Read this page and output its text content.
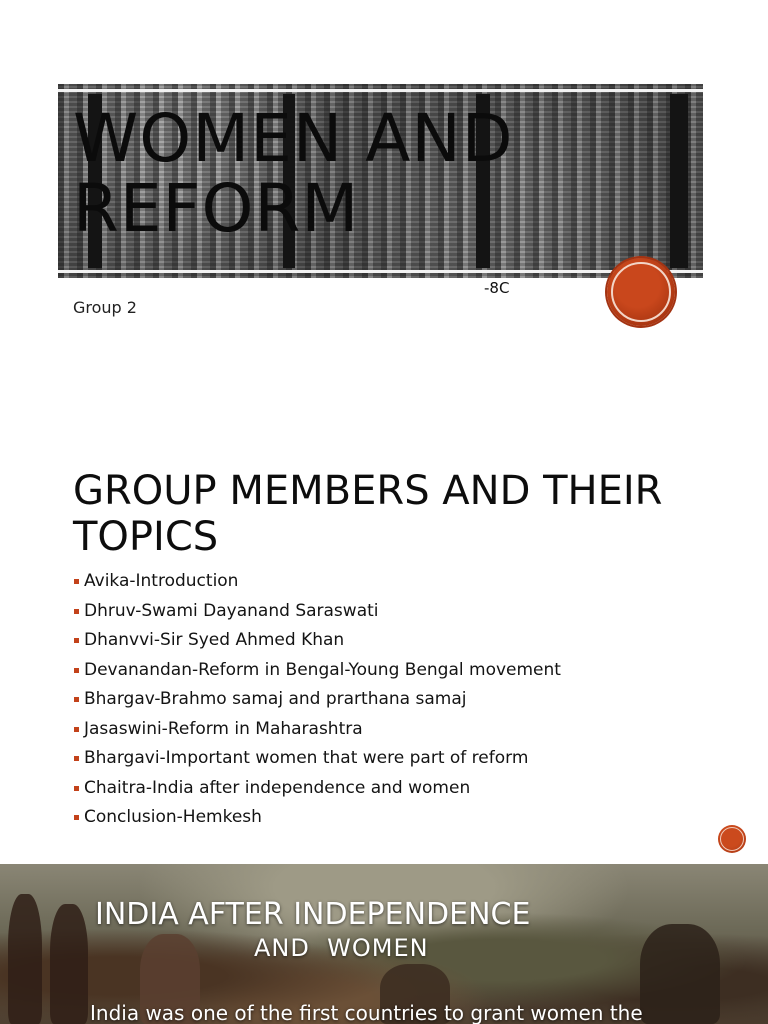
WOMEN AND REFORM
-8C
Group 2
GROUP MEMBERS AND THEIR TOPICS
Avika-Introduction
Dhruv-Swami Dayanand Saraswati
Dhanvvi-Sir Syed Ahmed Khan
Devanandan-Reform in Bengal-Young Bengal movement
Bhargav-Brahmo samaj and prarthana samaj
Jasaswini-Reform in Maharashtra
Bhargavi-Important women that were part of reform
Chaitra-India after independence and women
Conclusion-Hemkesh
INDIA AFTER INDEPENDENCE
AND  WOMEN
India was one of the first countries to grant women the
